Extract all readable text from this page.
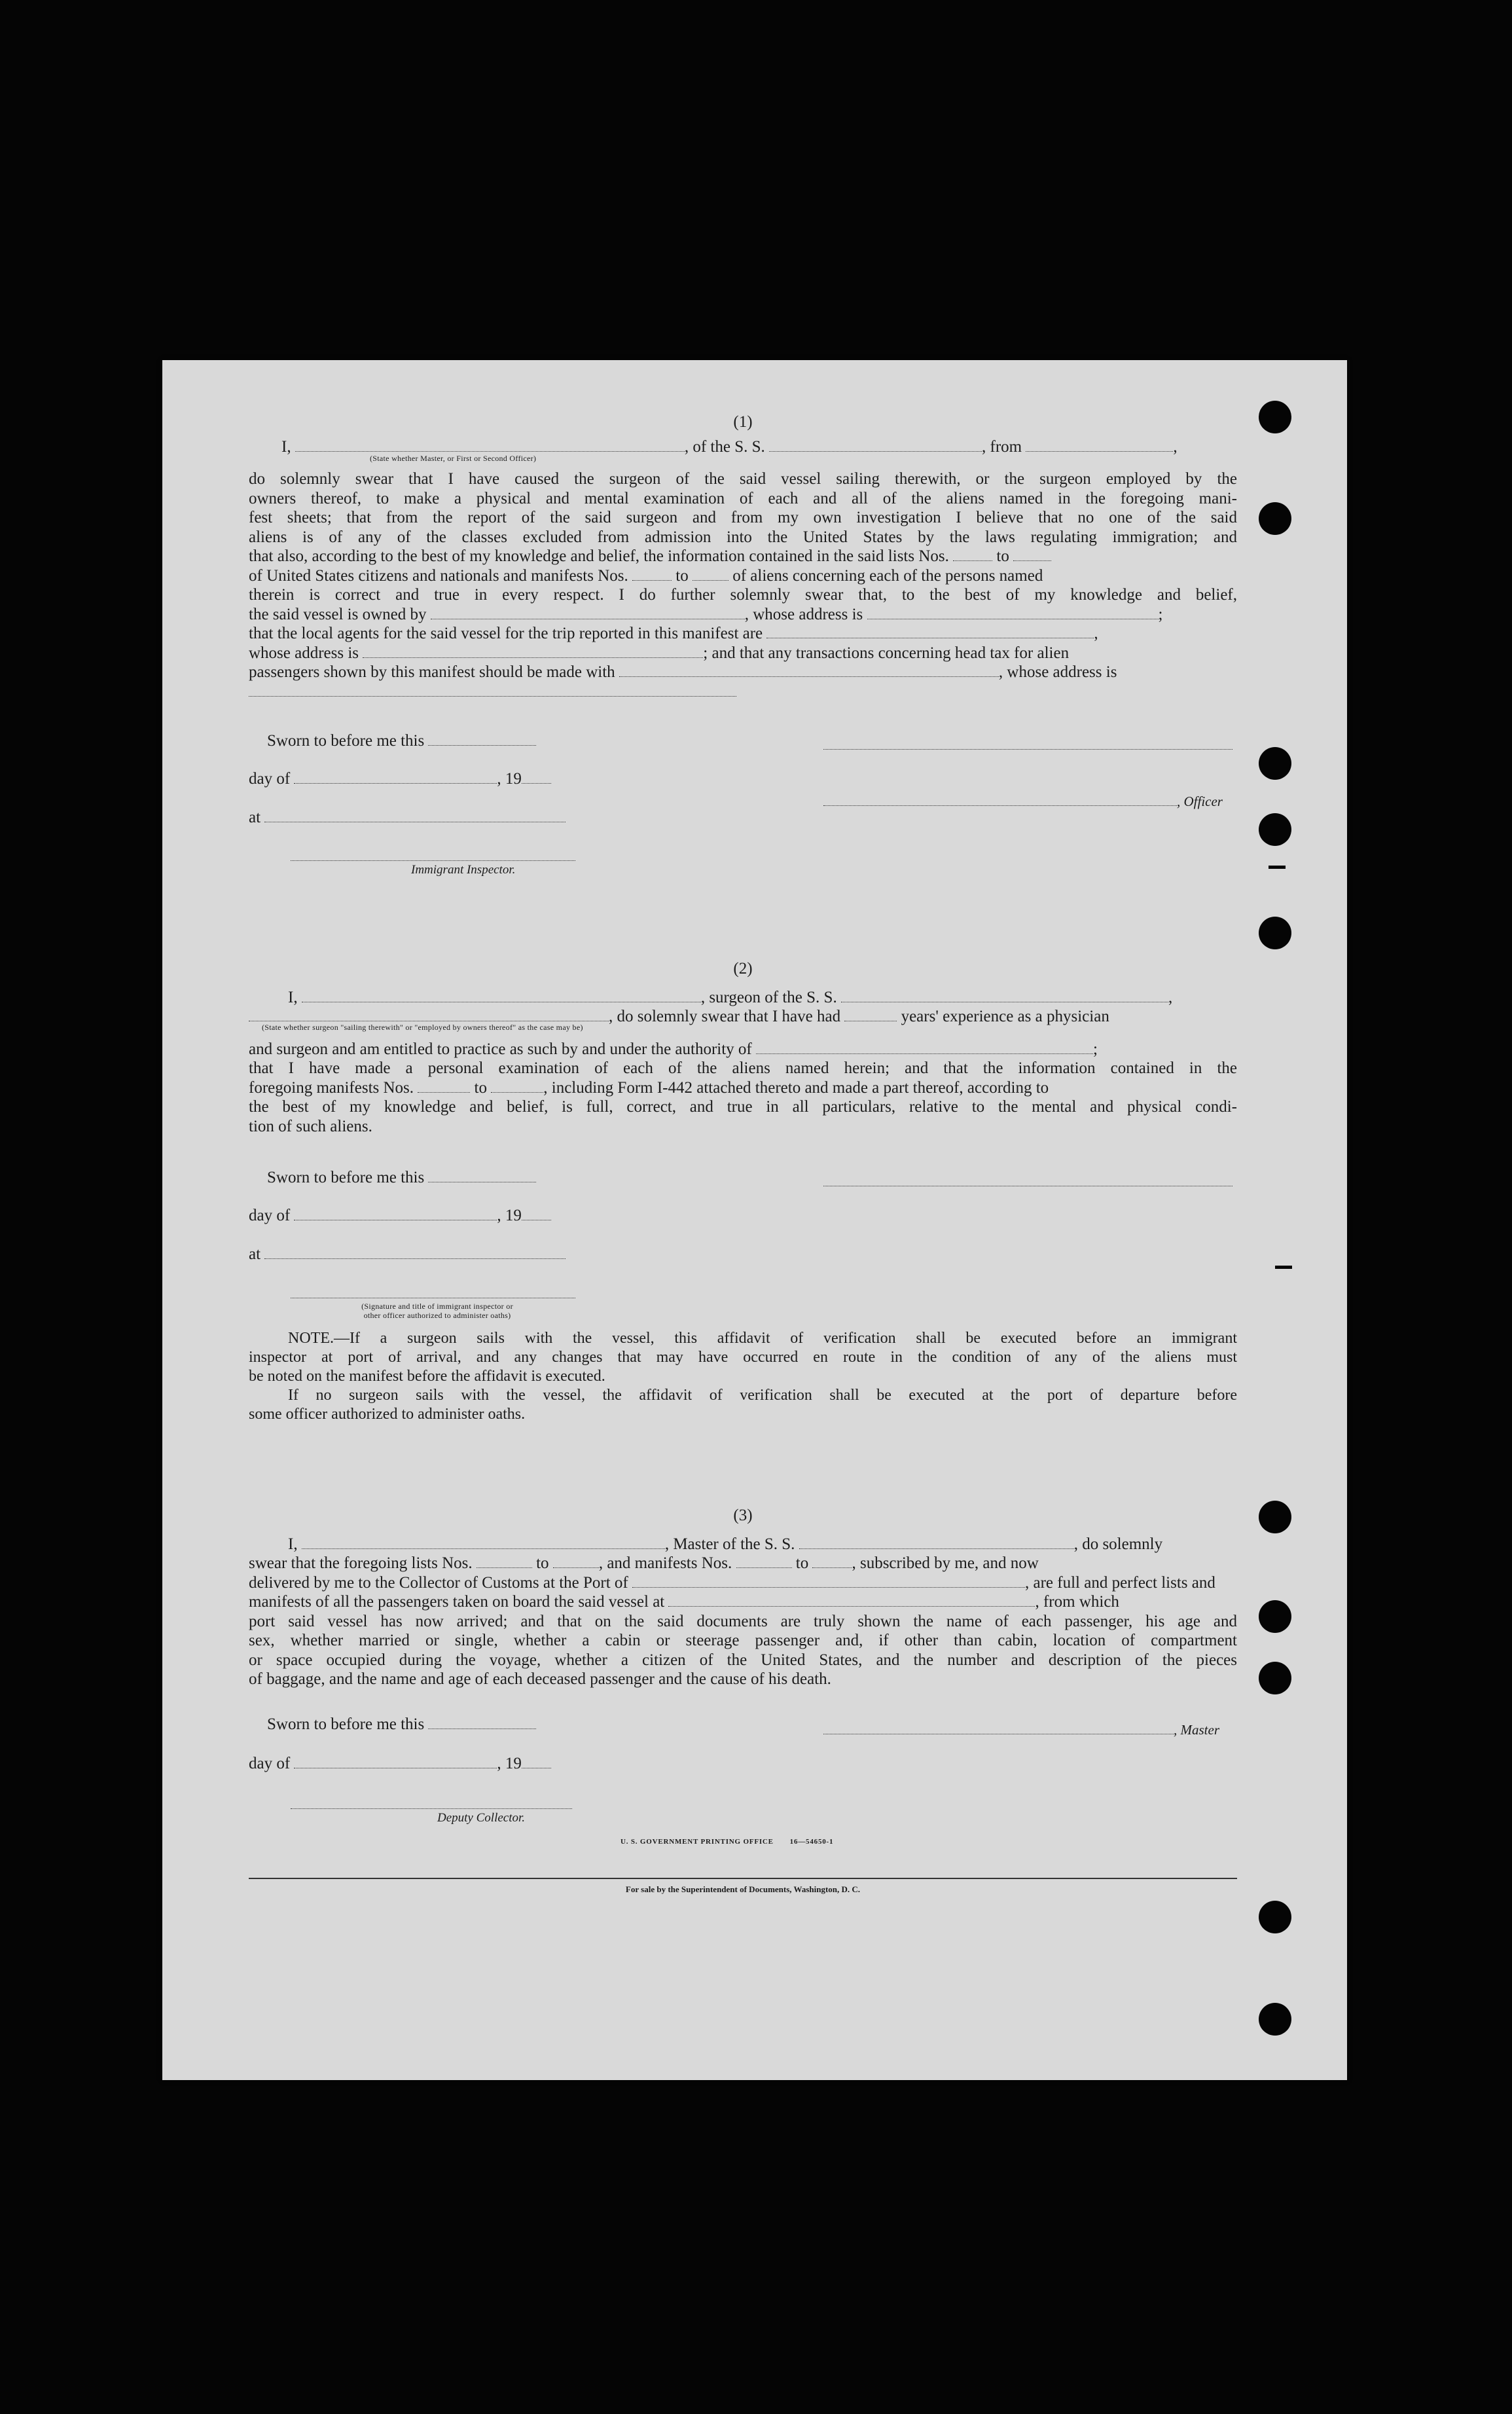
(1)
I,	, of the S. S.	, from	,
(State whether Master, or First or Second Officer)
do solemnly swear that I have caused the surgeon of the said vessel sailing therewith, or the surgeon employed by the
owners thereof, to make a physical and mental examination of each and all of the aliens named in the foregoing mani-
fest sheets; that from the report of the said surgeon and from my own investigation I believe that no one of the said
aliens is of any of the classes excluded from admission into the United States by the laws regulating immigration; and
that also, according to the best of my knowledge and belief, the information contained in the said lists Nos.	to
of United States citizens and nationals and manifests Nos.	to	of aliens concerning each of the persons named
therein is correct and true in every respect. I do further solemnly swear that, to the best of my knowledge and belief,
the said vessel is owned by	, whose address is	;
that the local agents for the said vessel for the trip reported in this manifest are	,
whose address is	; and that any transactions concerning head tax for alien
passengers shown by this manifest should be made with	, whose address is
Sworn to before me this
day of	, 19
, Officer
at
Immigrant Inspector.
(2)
I,	, surgeon of the S. S.	,
, do solemnly swear that I have had	years' experience as a physician
(State whether surgeon "sailing therewith" or "employed by owners thereof" as the case may be)
and surgeon and am entitled to practice as such by and under the authority of	;
that I have made a personal examination of each of the aliens named herein; and that the information contained in the
foregoing manifests Nos.	to	, including Form I-442 attached thereto and made a part thereof, according to
the best of my knowledge and belief, is full, correct, and true in all particulars, relative to the mental and physical condi-
tion of such aliens.
Sworn to before me this
day of	, 19
at
(Signature and title of immigrant inspector or
other officer authorized to administer oaths)
NOTE.—If a surgeon sails with the vessel, this affidavit of verification shall be executed before an immigrant
inspector at port of arrival, and any changes that may have occurred en route in the condition of any of the aliens must
be noted on the manifest before the affidavit is executed.
If no surgeon sails with the vessel, the affidavit of verification shall be executed at the port of departure before
some officer authorized to administer oaths.
(3)
I,	, Master of the S. S.	, do solemnly
swear that the foregoing lists Nos.	to	, and manifests Nos.	to	, subscribed by me, and now
delivered by me to the Collector of Customs at the Port of	, are full and perfect lists and
manifests of all the passengers taken on board the said vessel at	, from which
port said vessel has now arrived; and that on the said documents are truly shown the name of each passenger, his age and
sex, whether married or single, whether a cabin or steerage passenger and, if other than cabin, location of compartment
or space occupied during the voyage, whether a citizen of the United States, and the number and description of the pieces
of baggage, and the name and age of each deceased passenger and the cause of his death.
Sworn to before me this	, Master
day of	, 19
Deputy Collector.
U. S. GOVERNMENT PRINTING OFFICE       16—54650-1
For sale by the Superintendent of Documents, Washington, D. C.
